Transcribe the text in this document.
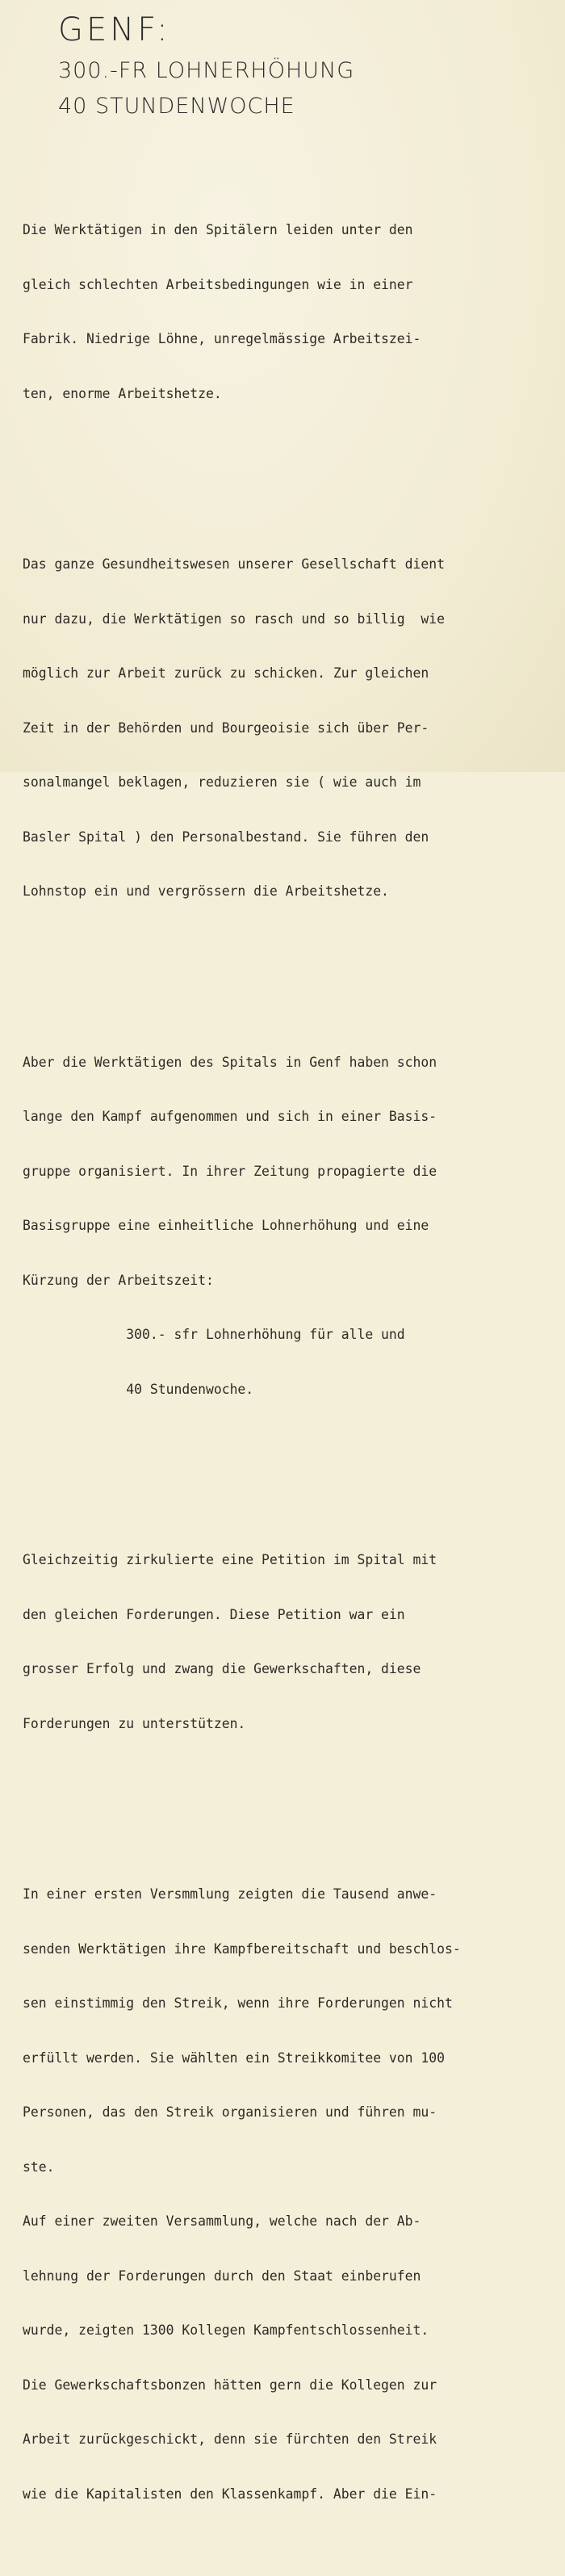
GENF:
300.-FR LOHNERHÖHUNG
40 STUNDENWOCHE

Die Werktätigen in den Spitälern leiden unter den

gleich schlechten Arbeitsbedingungen wie in einer

Fabrik. Niedrige Löhne, unregelmässige Arbeitszei-

ten, enorme Arbeitshetze.

Das ganze Gesundheitswesen unserer Gesellschaft dient

nur dazu, die Werktätigen so rasch und so billig  wie

möglich zur Arbeit zurück zu schicken. Zur gleichen

Zeit in der Behörden und Bourgeoisie sich über Per-

sonalmangel beklagen, reduzieren sie ( wie auch im

Basler Spital ) den Personalbestand. Sie führen den

Lohnstop ein und vergrössern die Arbeitshetze.

Aber die Werktätigen des Spitals in Genf haben schon

lange den Kampf aufgenommen und sich in einer Basis-

gruppe organisiert. In ihrer Zeitung propagierte die

Basisgruppe eine einheitliche Lohnerhöhung und eine

Kürzung der Arbeitszeit:

300.- sfr Lohnerhöhung für alle und

40 Stundenwoche.

Gleichzeitig zirkulierte eine Petition im Spital mit

den gleichen Forderungen. Diese Petition war ein

grosser Erfolg und zwang die Gewerkschaften, diese

Forderungen zu unterstützen.

In einer ersten Versmmlung zeigten die Tausend anwe-

senden Werktätigen ihre Kampfbereitschaft und beschlos-

sen einstimmig den Streik, wenn ihre Forderungen nicht

erfüllt werden. Sie wählten ein Streikkomitee von 100

Personen, das den Streik organisieren und führen mu-

ste.

Auf einer zweiten Versammlung, welche nach der Ab-

lehnung der Forderungen durch den Staat einberufen

wurde, zeigten 1300 Kollegen Kampfentschlossenheit.

Die Gewerkschaftsbonzen hätten gern die Kollegen zur

Arbeit zurückgeschickt, denn sie fürchten den Streik

wie die Kapitalisten den Klassenkampf. Aber die Ein-
